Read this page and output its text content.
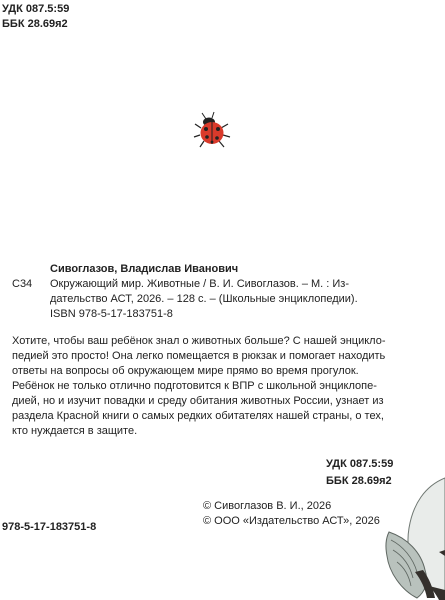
УДК 087.5:59
ББК 28.69я2
Сивоглазов, Владислав Иванович
С34	Окружающий мир. Животные / В. И. Сивоглазов. – М. : Из-
дательство АСТ, 2026. – 128 с. – (Школьные энциклопедии).
ISBN 978-5-17-183751-8

Хотите, чтобы ваш ребёнок знал о животных больше? С нашей энцикло-

педией это просто! Она легко помещается в рюкзак и помогает находить

ответы на вопросы об окружающем мире прямо во время прогулок.

Ребёнок не только отлично подготовится к ВПР с школьной энциклопе-

дией, но и изучит повадки и среду обитания животных России, узнает из

раздела Красной книги о самых редких обитателях нашей страны, о тех,

кто нуждается в защите.

УДК 087.5:59
ББК 28.69я2
© Сивоглазов В. И., 2026
© ООО «Издательство АСТ», 2026
978-5-17-183751-8
